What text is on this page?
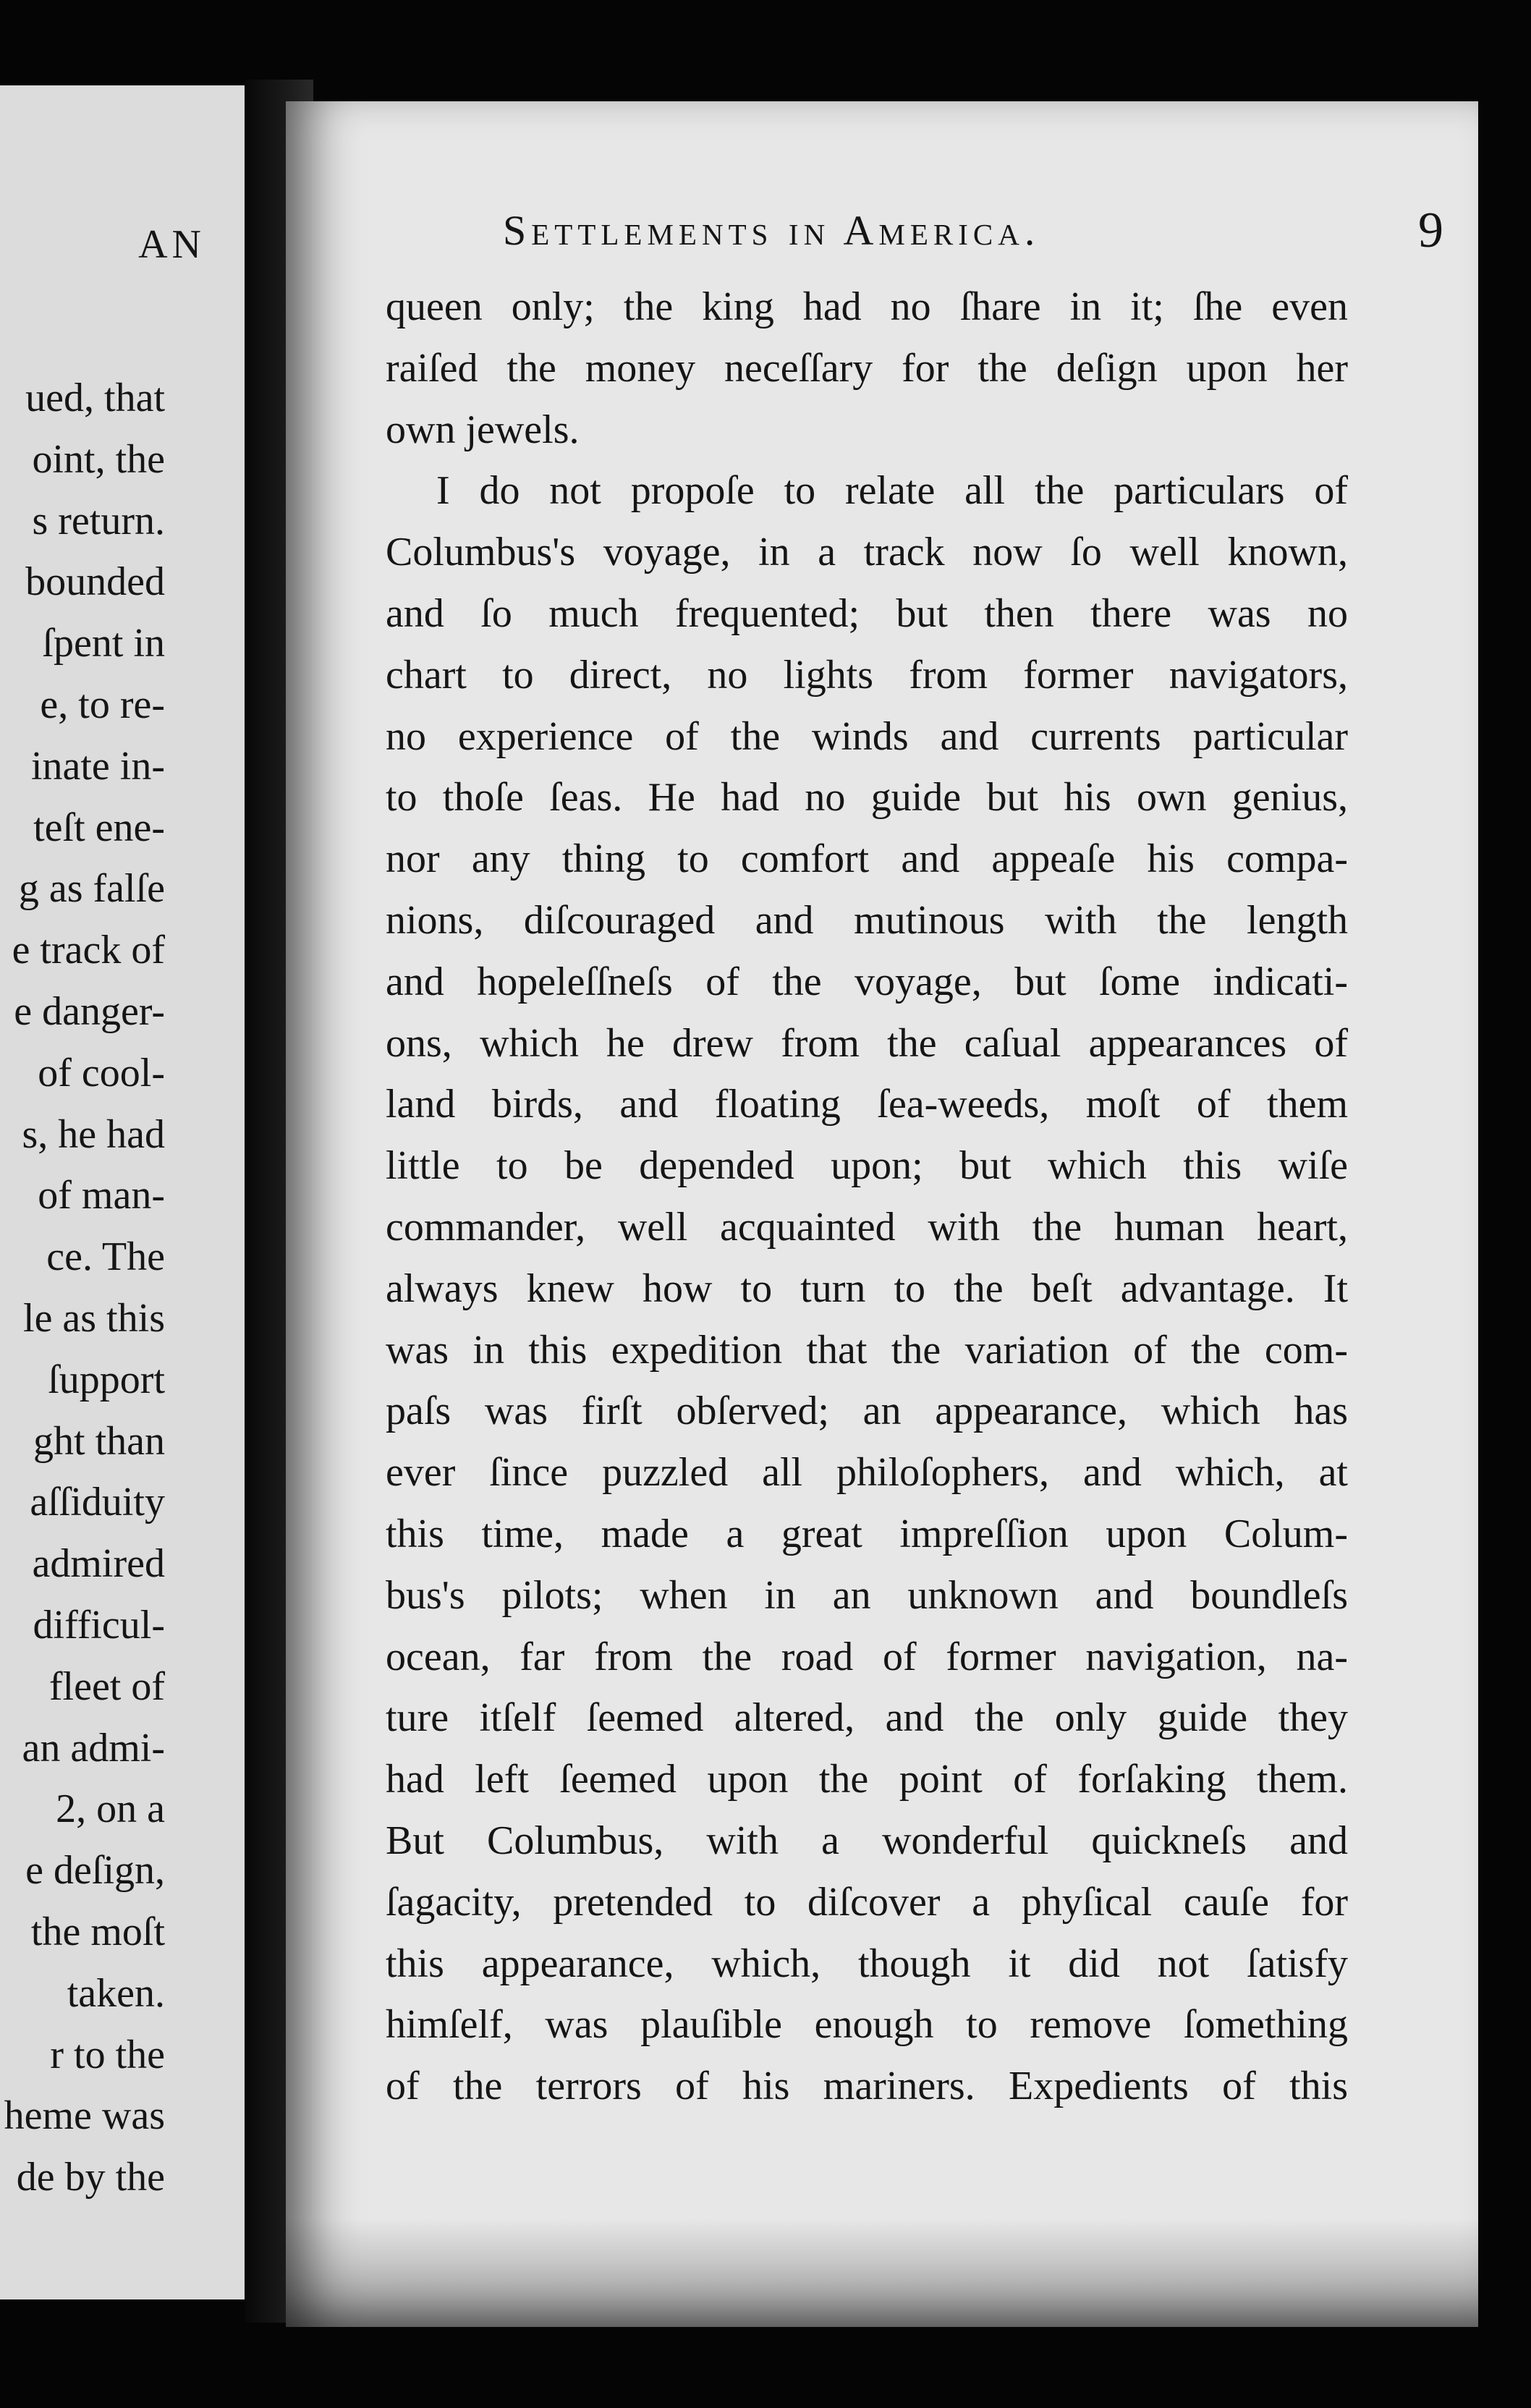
AN
ued, that
oint, the
s return.
bounded
ſpent in
e, to re-
inate in-
teſt ene-
g as falſe
e track of
e danger-
of cool-
s, he had
of man-
ce. The
le as this
ſupport
ght than
aſſiduity
admired
difficul-
fleet of
an admi-
2, on a
e deſign,
the moſt
taken.
r to the
heme was
de by the
Settlements in America.	9
queen only; the king had no ſhare in it; ſhe even
raiſed the money neceſſary for the deſign upon her
own jewels.
I do not propoſe to relate all the particulars of
Columbus's voyage, in a track now ſo well known,
and ſo much frequented; but then there was no
chart to direct, no lights from former navigators,
no experience of the winds and currents particular
to thoſe ſeas. He had no guide but his own genius,
nor any thing to comfort and appeaſe his compa-
nions, diſcouraged and mutinous with the length
and hopeleſſneſs of the voyage, but ſome indicati-
ons, which he drew from the caſual appearances of
land birds, and floating ſea-weeds, moſt of them
little to be depended upon; but which this wiſe
commander, well acquainted with the human heart,
always knew how to turn to the beſt advantage. It
was in this expedition that the variation of the com-
paſs was firſt obſerved; an appearance, which has
ever ſince puzzled all philoſophers, and which, at
this time, made a great impreſſion upon Colum-
bus's pilots; when in an unknown and boundleſs
ocean, far from the road of former navigation, na-
ture itſelf ſeemed altered, and the only guide they
had left ſeemed upon the point of forſaking them.
But Columbus, with a wonderful quickneſs and
ſagacity, pretended to diſcover a phyſical cauſe for
this appearance, which, though it did not ſatisfy
himſelf, was plauſible enough to remove ſomething
of the terrors of his mariners. Expedients of this
